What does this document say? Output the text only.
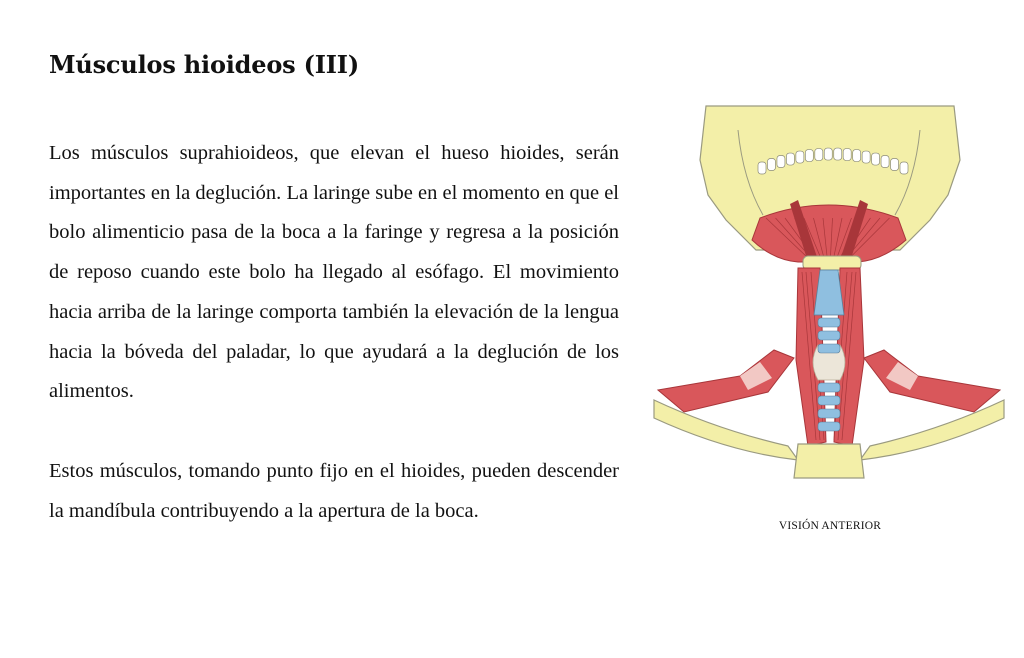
Músculos hioideos (III)

Los músculos suprahioideos, que elevan el hueso hioides, serán importantes en la deglución. La laringe sube en el momento en que el bolo alimenticio pasa de la boca a la faringe y regresa a la posición de reposo cuando este bolo ha llegado al esófago. El movimiento hacia arriba de la laringe comporta también la elevación de la lengua hacia la bóveda del paladar, lo que ayudará a la deglución de los alimentos.

Estos músculos, tomando punto fijo en el hioides, pueden descender la mandíbula contribuyendo a la apertura de la boca.

VISIÓN ANTERIOR
